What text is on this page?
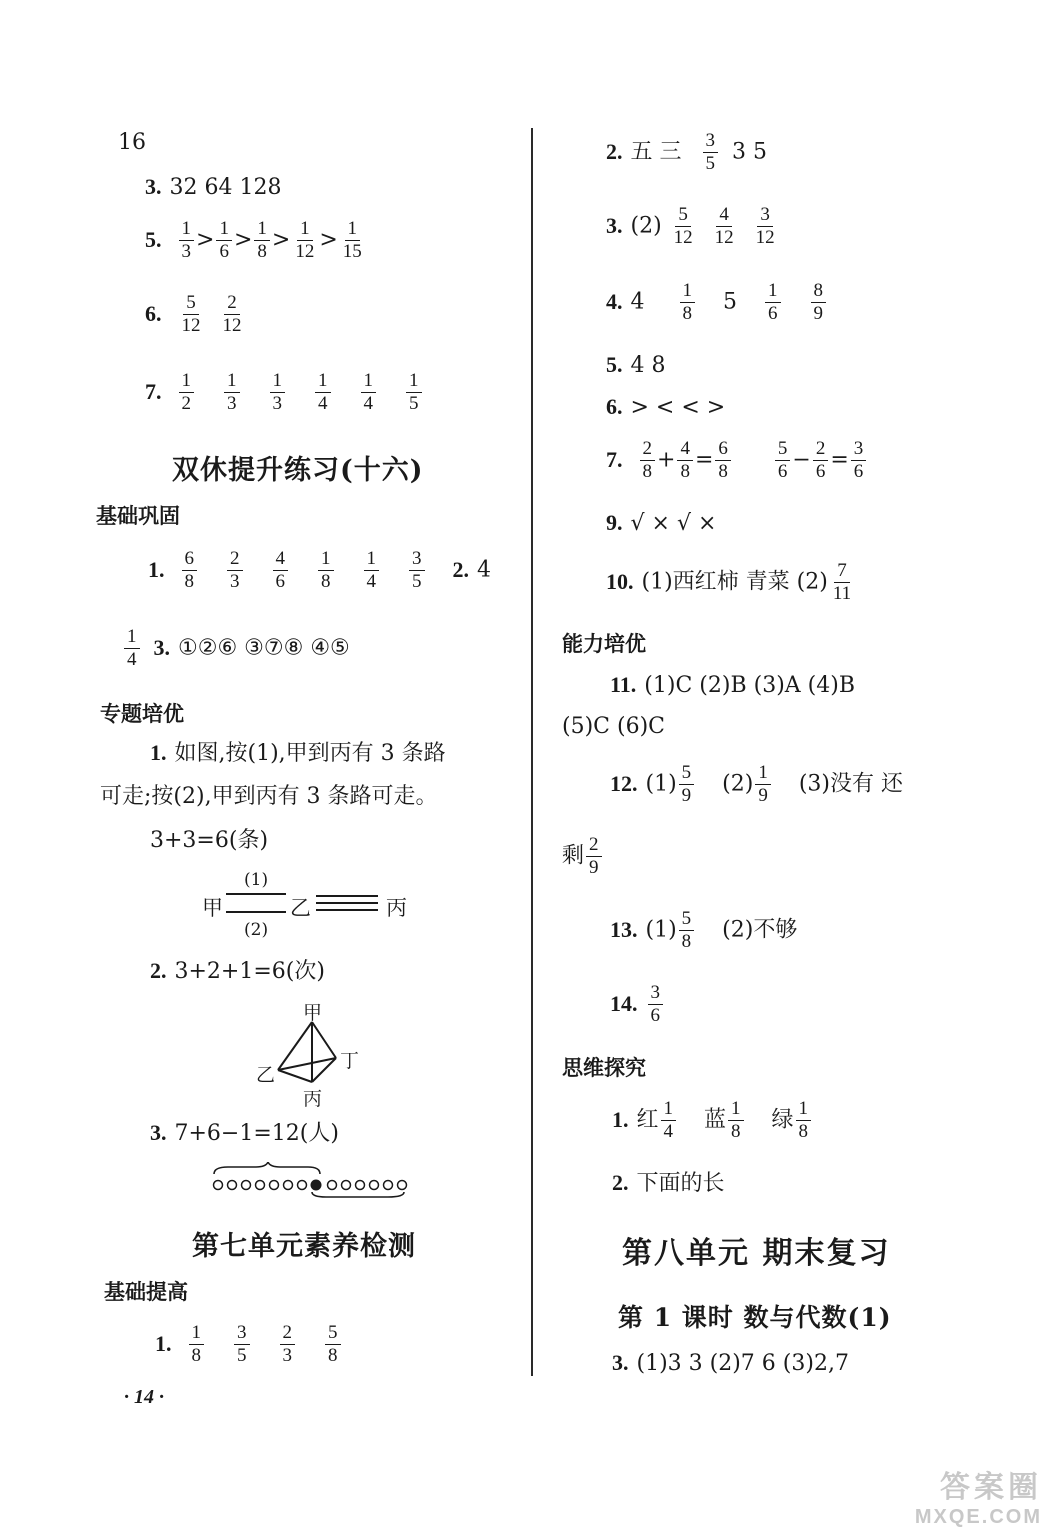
16
3. 32 64 128
5. $\frac{1}{3} > \frac{1}{6} > \frac{1}{8} > \frac{1}{12} > \frac{1}{15}$
6. $\frac{5}{12} \frac{2}{12}$
7. $\frac{1}{2} \frac{1}{3} \frac{1}{3} \frac{1}{4} \frac{1}{4} \frac{1}{5}$
双休提升练习(十六)
基础巩固
1. $\frac{6}{8} \frac{2}{3} \frac{4}{6} \frac{1}{8} \frac{1}{4} \frac{3}{5} 2$. 4
$\frac{1}{4} 3$. ①②⑥ ③⑦⑧ ④⑤
专题培优
1. 如图,按(1),甲到丙有 3 条路
可走;按(2),甲到丙有 3 条路可走。
3+3=6(条)
甲
(1)
(2)
乙	丙
2. 3+2+1=6(次)
甲
乙
丁
丙
3. 7+6−1=12(人)
第七单元素养检测
基础提高
1. $\frac{1}{8} \frac{3}{5} \frac{2}{3} \frac{5}{8}$
· 14 ·
2. 五 三 $\frac{3}{5} 3$ 5
3. $(2) \frac{5}{12} \frac{4}{12} \frac{3}{12}$
4. $4 \frac{1}{8} 5 \frac{1}{6} \frac{8}{9}$
5. 4 8
6. > < < >
7. $\frac{2}{8} + \frac{4}{8} = \frac{6}{8}$
$\frac{5}{6} - \frac{2}{6} = \frac{3}{6}$
9. √ × √ ×
10. (1)西红柿 青菜 $(2) \frac{7}{11}$
能力培优
11. (1)C (2)B (3)A (4)B
(5)C (6)C
12. $(1) \frac{5}{9} (2) \frac{1}{9} (3)$没有 还
剩 $\frac{2}{9}$
13. $(1) \frac{5}{8} (2)$不够
14. $\frac{3}{6}$
思维探究
1. 红 $\frac{1}{4}$ 蓝 $\frac{1}{8}$ 绿 $\frac{1}{8}$
2. 下面的长
第八单元 期末复习
第 1 课时 数与代数(1)
3. (1)3 3 (2)7 6 (3)2,7
答案圈
MXQE.COM
